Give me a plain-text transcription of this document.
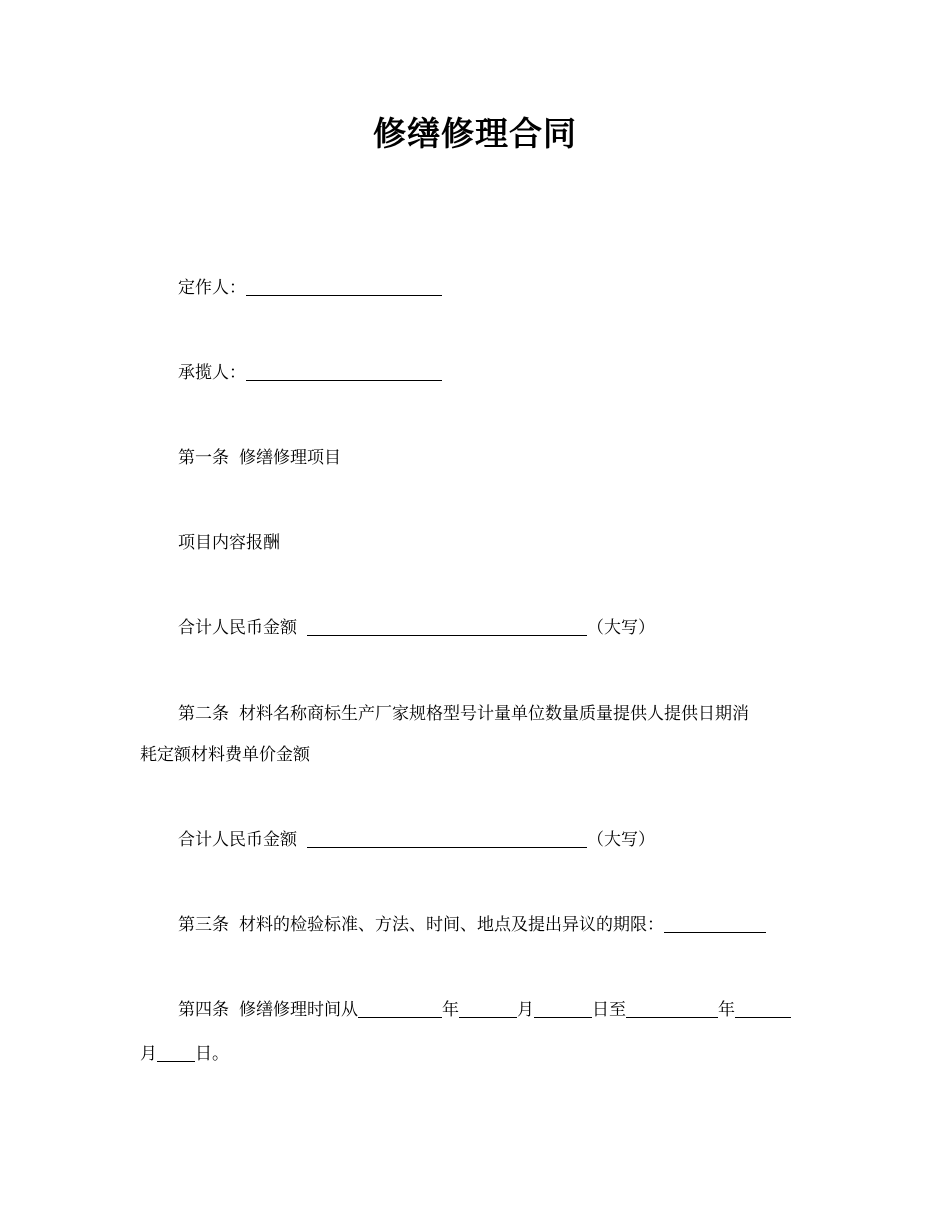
修缮修理合同
定作人：
承揽人：
第一条 修缮修理项目
项目内容报酬
合计人民币金额	（大写）
第二条 材料名称商标生产厂家规格型号计量单位数量质量提供人提供日期消
耗定额材料费单价金额
合计人民币金额	（大写）
第三条 材料的检验标准、方法、时间、地点及提出异议的期限：
第四条 修缮修理时间从	年	月	日至	年
月 日。
